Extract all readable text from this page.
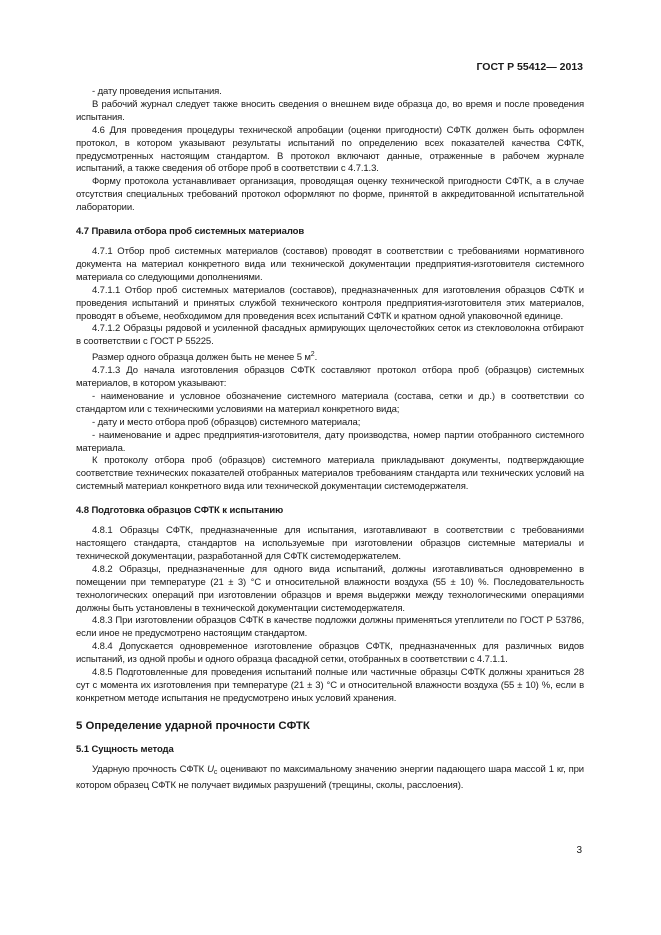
ГОСТ Р 55412— 2013

- дату проведения испытания.

В рабочий журнал следует также вносить сведения о внешнем виде образца до, во время и после проведения испытания.

4.6 Для проведения процедуры технической апробации (оценки пригодности) СФТК должен быть оформлен протокол, в котором указывают результаты испытаний по определению всех показателей качества СФТК, предусмотренных настоящим стандартом. В протокол включают данные, отраженные в рабочем журнале испытаний, а также сведения об отборе проб в соответствии с 4.7.1.3.

Форму протокола устанавливает организация, проводящая оценку технической пригодности СФТК, а в случае отсутствия специальных требований протокол оформляют по форме, принятой в аккредитованной испытательной лаборатории.

4.7 Правила отбора проб системных материалов

4.7.1 Отбор проб системных материалов (составов) проводят в соответствии с требованиями нормативного документа на материал конкретного вида или технической документации предприятия-изготовителя системного материала со следующими дополнениями.

4.7.1.1 Отбор проб системных материалов (составов), предназначенных для изготовления образцов СФТК и проведения испытаний и принятых службой технического контроля предприятия-изготовителя этих материалов, проводят в объеме, необходимом для проведения всех испытаний СФТК и кратном одной упаковочной единице.

4.7.1.2 Образцы рядовой и усиленной фасадных армирующих щелочестойких сеток из стекловолокна отбирают в соответствии с ГОСТ Р 55225.

Размер одного образца должен быть не менее 5 $м^2$.

4.7.1.3 До начала изготовления образцов СФТК составляют протокол отбора проб (образцов) системных материалов, в котором указывают:

- наименование и условное обозначение системного материала (состава, сетки и др.) в соответствии со стандартом или с техническими условиями на материал конкретного вида;

- дату и место отбора проб (образцов) системного материала;

- наименование и адрес предприятия-изготовителя, дату производства, номер партии отобранного системного материала.

К протоколу отбора проб (образцов) системного материала прикладывают документы, подтверждающие соответствие технических показателей отобранных материалов требованиям стандарта или технических условий на системный материал конкретного вида или технической документации системодержателя.

4.8 Подготовка образцов СФТК к испытанию

4.8.1 Образцы СФТК, предназначенные для испытания, изготавливают в соответствии с требованиями настоящего стандарта, стандартов на используемые при изготовлении образцов системные материалы и технической документации, разработанной для СФТК системодержателем.

4.8.2 Образцы, предназначенные для одного вида испытаний, должны изготавливаться одновременно в помещении при температуре (21 ± 3) °С и относительной влажности воздуха (55 ± 10) %. Последовательность технологических операций при изготовлении образцов и время выдержки между технологическими операциями должны быть установлены в технической документации системодержателя.

4.8.3 При изготовлении образцов СФТК в качестве подложки должны применяться утеплители по ГОСТ Р 53786, если иное не предусмотрено настоящим стандартом.

4.8.4 Допускается одновременное изготовление образцов СФТК, предназначенных для различных видов испытаний, из одной пробы и одного образца фасадной сетки, отобранных в соответствии с 4.7.1.1.

4.8.5 Подготовленные для проведения испытаний полные или частичные образцы СФТК должны храниться 28 сут с момента их изготовления при температуре (21 ± 3) °С и относительной влажности воздуха (55 ± 10) %, если в конкретном методе испытания не предусмотрено иных условий хранения.

5 Определение ударной прочности СФТК
5.1 Сущность метода

Ударную прочность СФТК $U_с$ оценивают по максимальному значению энергии падающего шара массой 1 кг, при котором образец СФТК не получает видимых разрушений (трещины, сколы, расслоения).

3
